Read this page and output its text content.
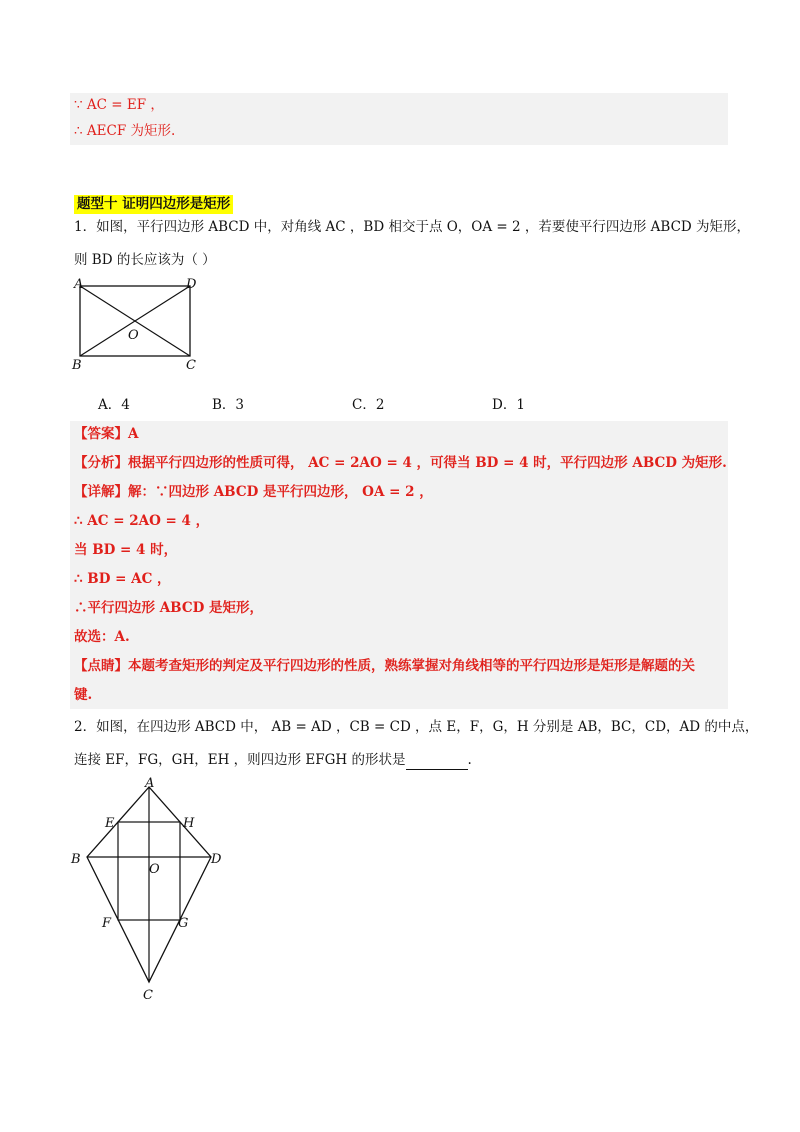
∵ AC = EF ，
∴ AECF 为矩形.
题型十 证明四边形是矩形
1．如图，平行四边形 ABCD 中，对角线 AC ，BD 相交于点 O，OA = 2 ，若要使平行四边形 ABCD 为矩形，
则 BD 的长应该为（ ）
A	D
B	C
O
A．4	B．3	C．2	D．1
【答案】A
【分析】根据平行四边形的性质可得， AC = 2AO = 4 ，可得当 BD = 4 时，平行四边形 ABCD 为矩形.
【详解】解：∵四边形 ABCD 是平行四边形， OA = 2 ，
∴ AC = 2AO = 4 ，
当 BD = 4 时，
∴ BD = AC ，
∴平行四边形 ABCD 是矩形，
故选：A.
【点睛】本题考查矩形的判定及平行四边形的性质，熟练掌握对角线相等的平行四边形是矩形是解题的关
键.
2．如图，在四边形 ABCD 中， AB = AD ，CB = CD ，点 E，F，G，H 分别是 AB，BC，CD，AD 的中点，
连接 EF，FG，GH，EH ，则四边形 EFGH 的形状是	.
A
B
C
D
E	H
F	G
O
